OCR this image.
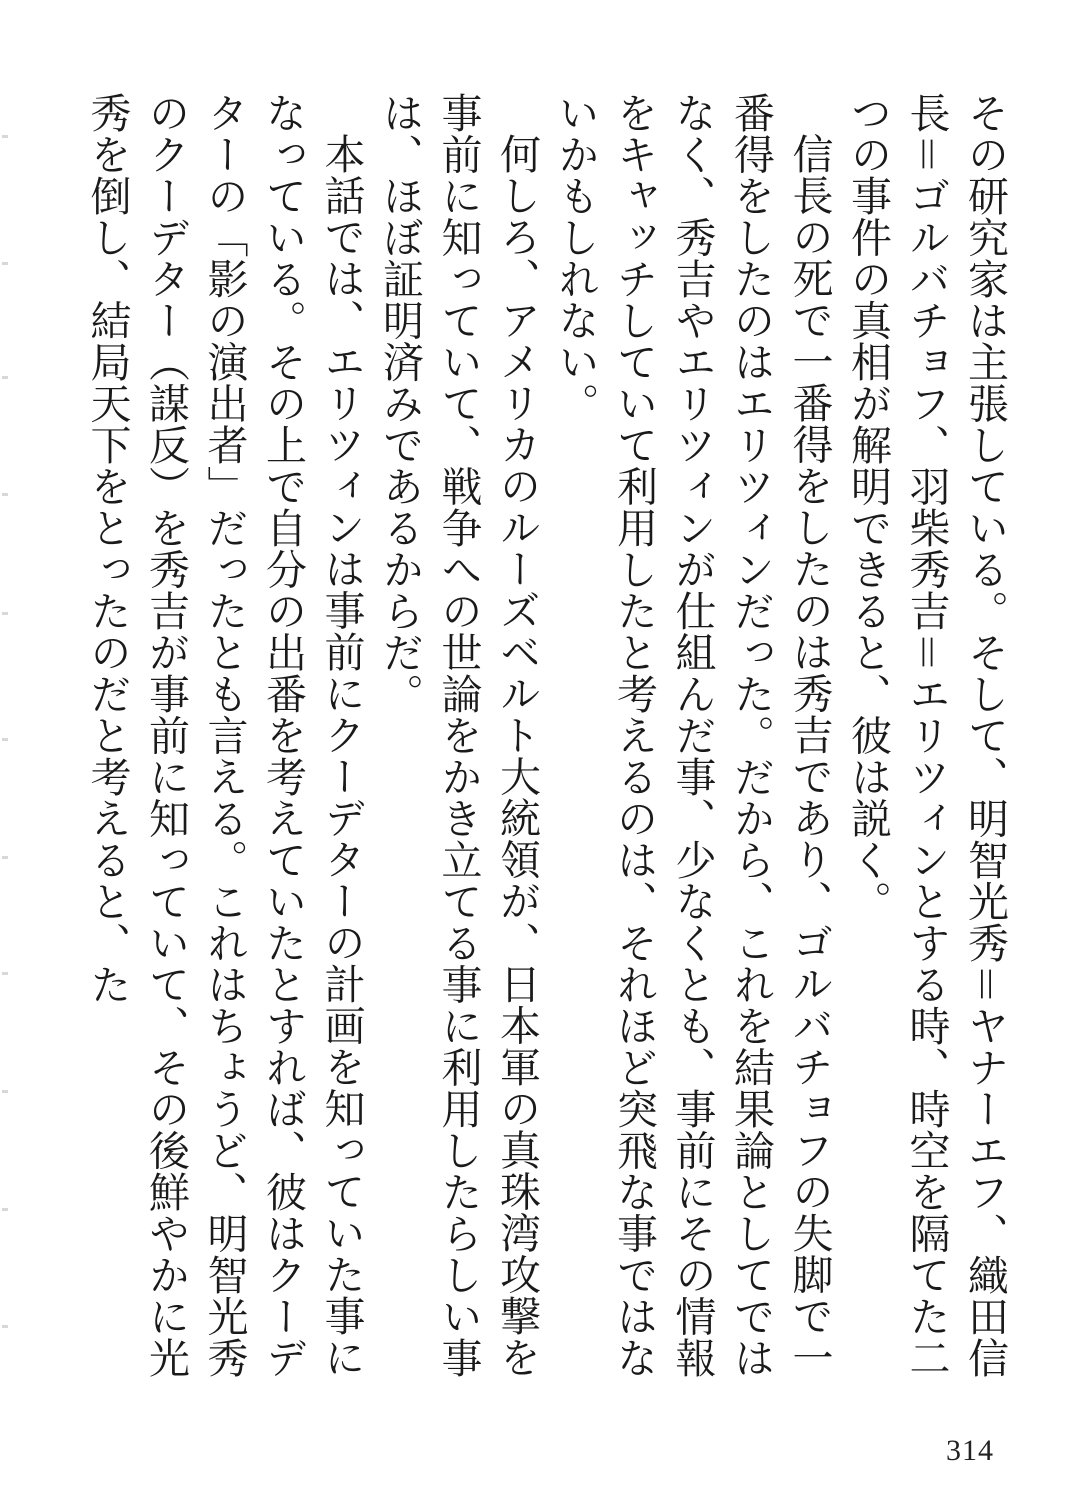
その研究家は主張している。そして、明智光秀＝ヤナーエフ、織田信長＝ゴルバチョフ、羽柴秀吉＝エリツィンとする時、時空を隔てた二つの事件の真相が解明できると、彼は説く。

信長の死で一番得をしたのは秀吉であり、ゴルバチョフの失脚で一番得をしたのはエリツィンだった。だから、これを結果論としてではなく、秀吉やエリツィンが仕組んだ事、少なくとも、事前にその情報をキャッチしていて利用したと考えるのは、それほど突飛な事ではないかもしれない。

何しろ、アメリカのルーズベルト大統領が、日本軍の真珠湾攻撃を事前に知っていて、戦争への世論をかき立てる事に利用したらしい事は、ほぼ証明済みであるからだ。

本話では、エリツィンは事前にクーデターの計画を知っていた事になっている。その上で自分の出番を考えていたとすれば、彼はクーデターの「影の演出者」だったとも言える。これはちょうど、明智光秀のクーデター（謀反）を秀吉が事前に知っていて、その後鮮やかに光秀を倒し、結局天下をとったのだと考えると、た

314
